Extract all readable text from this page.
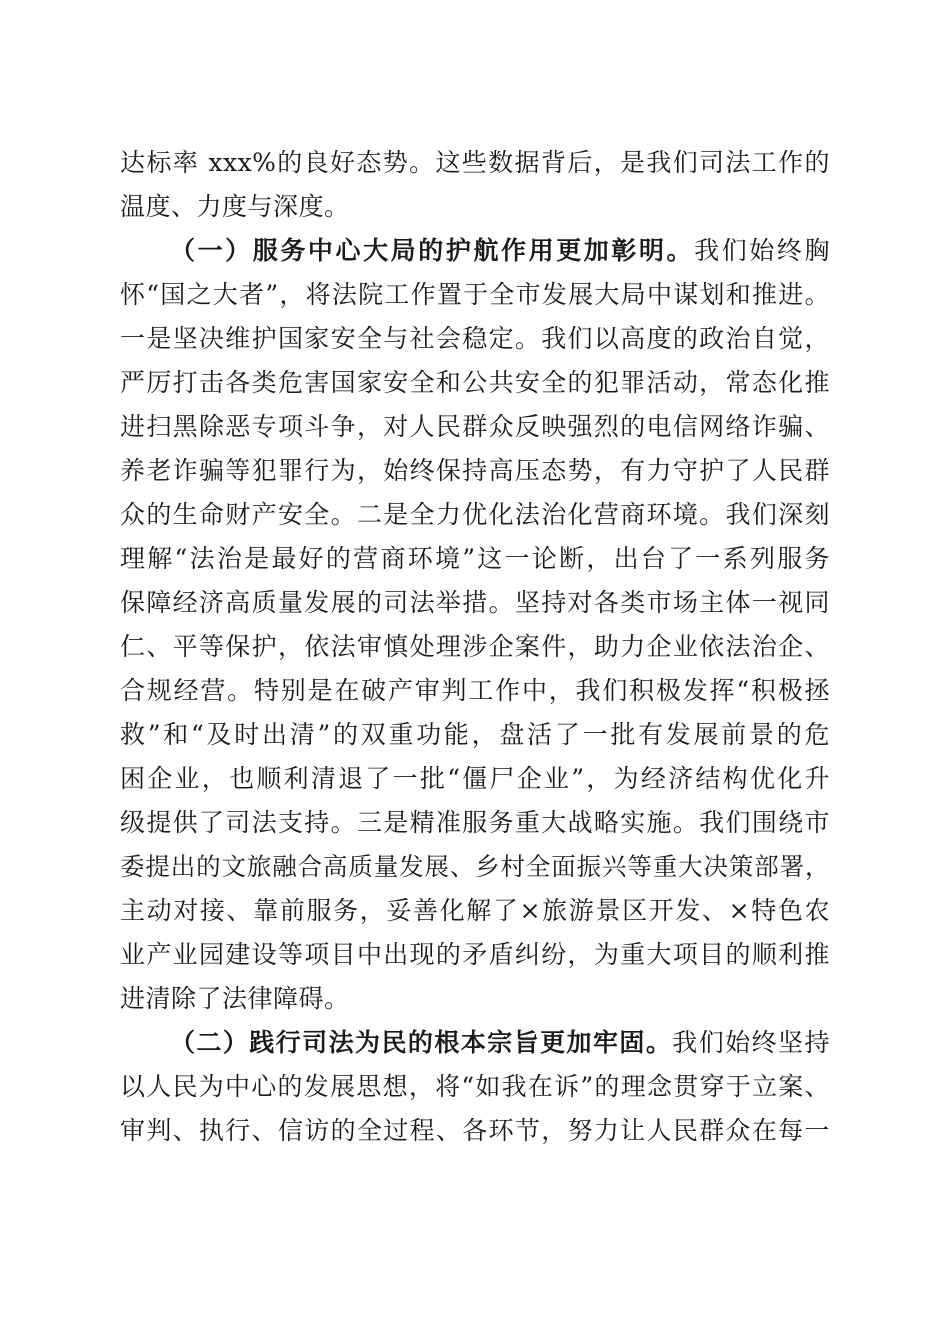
达标率 xxx%的良好态势。这些数据背后，是我们司法工作的
温度、力度与深度。
（一）服务中心大局的护航作用更加彰明。我们始终胸
怀“国之大者”，将法院工作置于全市发展大局中谋划和推进。
一是坚决维护国家安全与社会稳定。我们以高度的政治自觉，
严厉打击各类危害国家安全和公共安全的犯罪活动，常态化推
进扫黑除恶专项斗争，对人民群众反映强烈的电信网络诈骗、
养老诈骗等犯罪行为，始终保持高压态势，有力守护了人民群
众的生命财产安全。二是全力优化法治化营商环境。我们深刻
理解“法治是最好的营商环境”这一论断，出台了一系列服务
保障经济高质量发展的司法举措。坚持对各类市场主体一视同
仁、平等保护，依法审慎处理涉企案件，助力企业依法治企、
合规经营。特别是在破产审判工作中，我们积极发挥“积极拯
救”和“及时出清”的双重功能，盘活了一批有发展前景的危
困企业，也顺利清退了一批“僵尸企业”，为经济结构优化升
级提供了司法支持。三是精准服务重大战略实施。我们围绕市
委提出的文旅融合高质量发展、乡村全面振兴等重大决策部署，
主动对接、靠前服务，妥善化解了×旅游景区开发、×特色农
业产业园建设等项目中出现的矛盾纠纷，为重大项目的顺利推
进清除了法律障碍。
（二）践行司法为民的根本宗旨更加牢固。我们始终坚持
以人民为中心的发展思想，将“如我在诉”的理念贯穿于立案、
审判、执行、信访的全过程、各环节，努力让人民群众在每一
